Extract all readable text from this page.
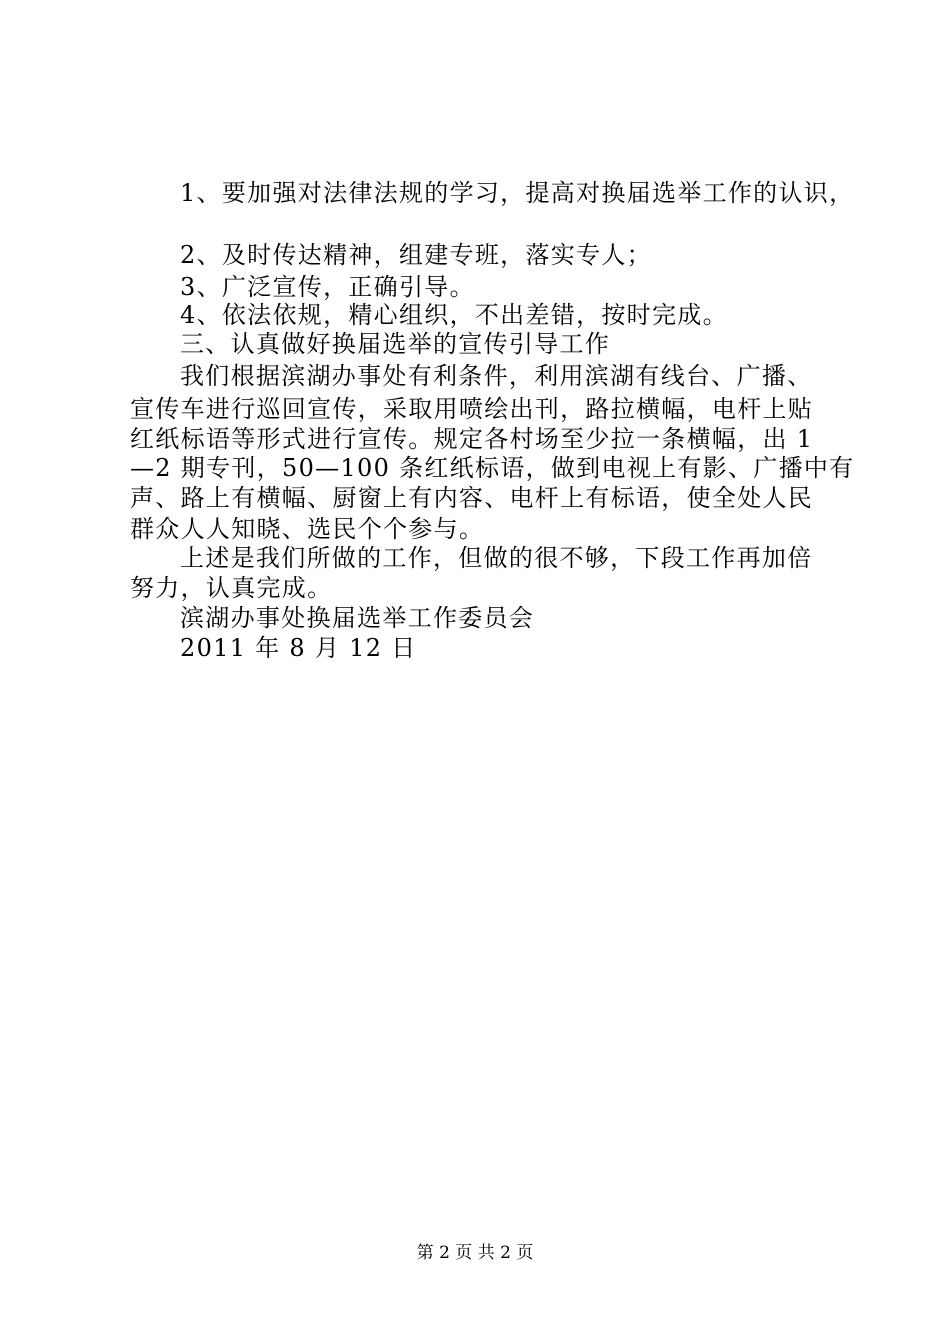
1、要加强对法律法规的学习，提高对换届选举工作的认识，
2、及时传达精神，组建专班，落实专人；
3、广泛宣传，正确引导。
4、依法依规，精心组织，不出差错，按时完成。
三、认真做好换届选举的宣传引导工作
我们根据滨湖办事处有利条件，利用滨湖有线台、广播、
宣传车进行巡回宣传，采取用喷绘出刊，路拉横幅，电杆上贴
红纸标语等形式进行宣传。规定各村场至少拉一条横幅，出 1
—2 期专刊，50—100 条红纸标语，做到电视上有影、广播中有
声、路上有横幅、厨窗上有内容、电杆上有标语，使全处人民
群众人人知晓、选民个个参与。
上述是我们所做的工作，但做的很不够，下段工作再加倍
努力，认真完成。
滨湖办事处换届选举工作委员会
2011 年 8 月 12 日
第 2 页 共 2 页
